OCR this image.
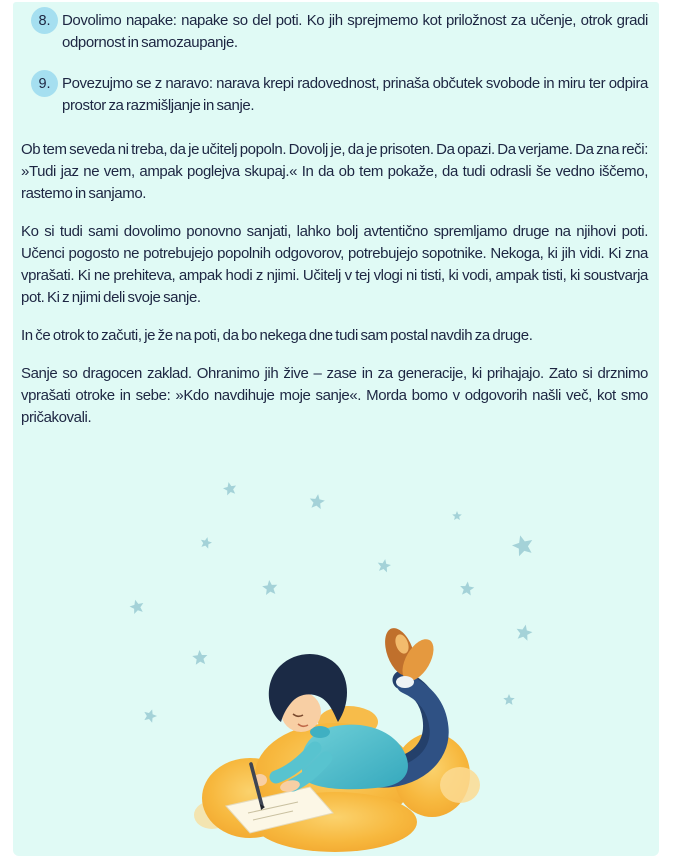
8. Dovolimo napake: napake so del poti. Ko jih sprejmemo kot priložnost za učenje, otrok gradi odpornost in samozaupanje.
9. Povezujmo se z naravo: narava krepi radovednost, prinaša občutek svobode in miru ter odpira prostor za razmišljanje in sanje.

Ob tem seveda ni treba, da je učitelj popoln. Dovolj je, da je prisoten. Da opazi. Da verjame. Da zna reči: »Tudi jaz ne vem, ampak poglejva skupaj.« In da ob tem pokaže, da tudi odrasli še vedno iščemo, rastemo in sanjamo.

Ko si tudi sami dovolimo ponovno sanjati, lahko bolj avtentično spremljamo druge na njihovi poti. Učenci pogosto ne potrebujejo popolnih odgovorov, potrebujejo sopotnike. Nekoga, ki jih vidi. Ki zna vprašati. Ki ne prehiteva, ampak hodi z njimi. Učitelj v tej vlogi ni tisti, ki vodi, ampak tisti, ki soustvarja pot. Ki z njimi deli svoje sanje.

In če otrok to začuti, je že na poti, da bo nekega dne tudi sam postal navdih za druge.

Sanje so dragocen zaklad. Ohranimo jih žive – zase in za generacije, ki prihajajo. Zato si drznimo vprašati otroke in sebe: »Kdo navdihuje moje sanje«. Morda bomo v odgovorih našli več, kot smo pričakovali.
